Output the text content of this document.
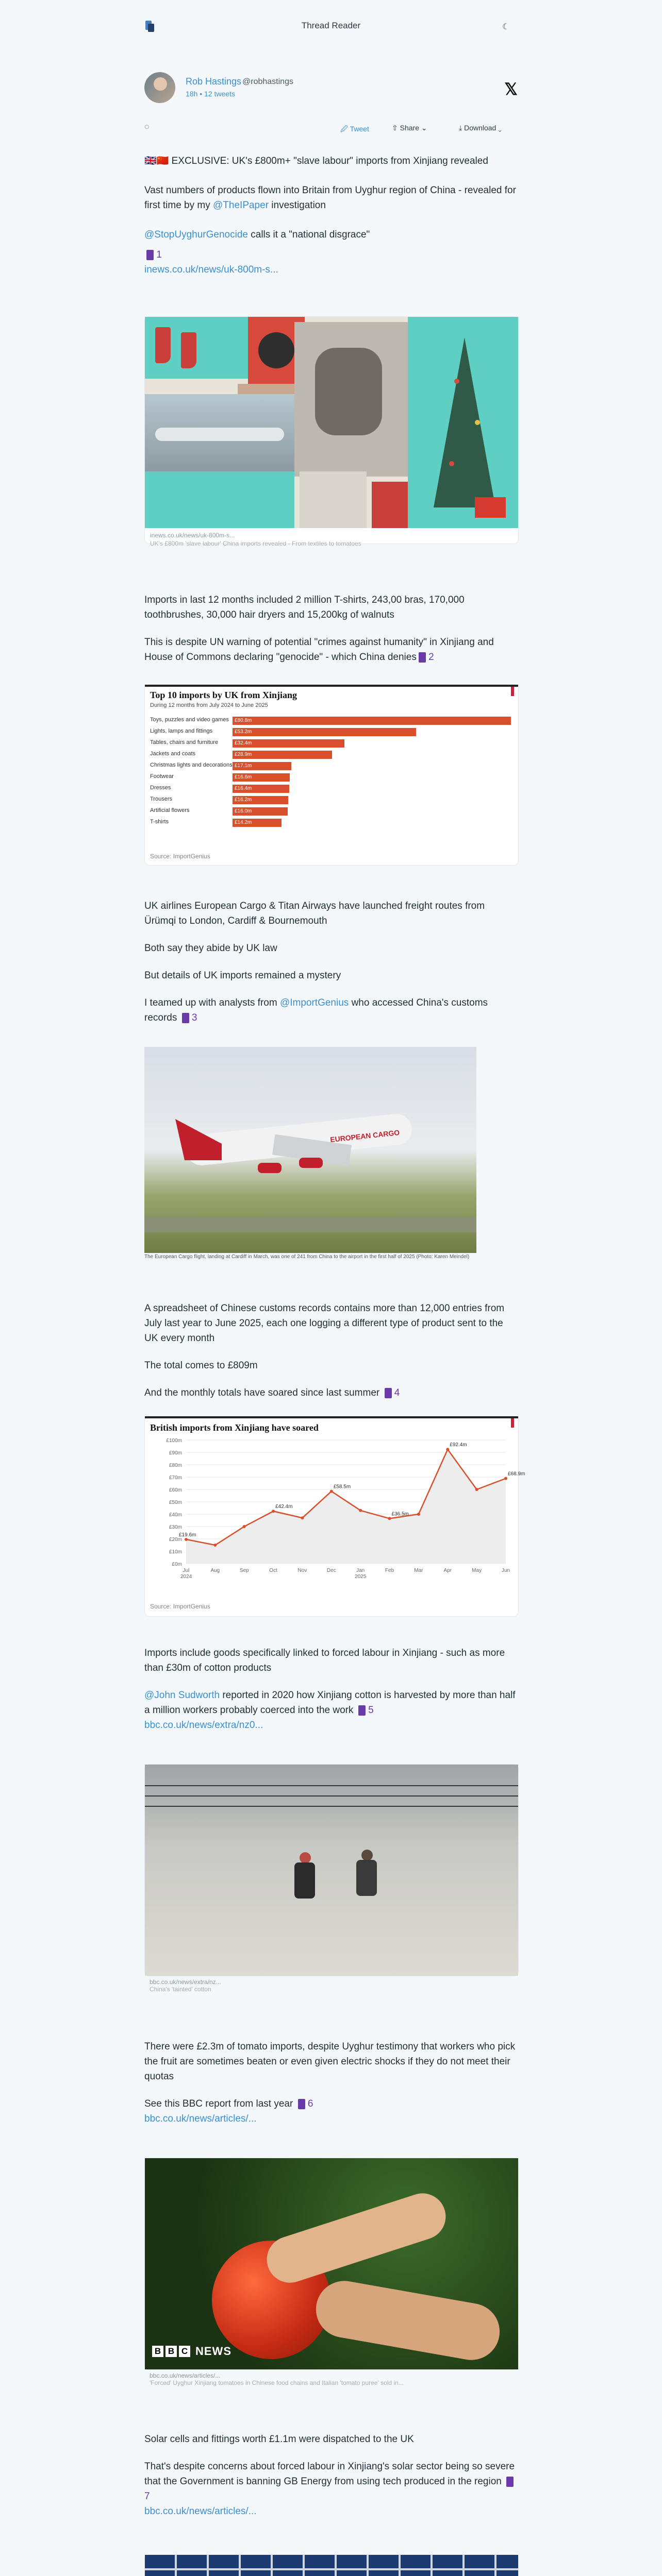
Thread Reader	☾
Rob Hastings @robhastings
18h • 12 tweets	𝕏
◌	🖉 Tweet	⇧ Share ⌄	⤓ Download ⌄
🇬🇧🇨🇳 EXCLUSIVE: UK's £800m+ "slave labour" imports from Xinjiang revealed
Vast numbers of products flown into Britain from Uyghur region of China - revealed for first time by my @TheIPaper investigation
@StopUyghurGenocide calls it a "national disgrace"
1
inews.co.uk/news/uk-800m-s...
inews.co.uk/news/uk-800m-s...
UK's £800m 'slave labour' China imports revealed - From textiles to tomatoes
Imports in last 12 months included 2 million T-shirts, 243,00 bras, 170,000 toothbrushes, 30,000 hair dryers and 15,200kg of walnuts
This is despite UN warning of potential "crimes against humanity" in Xinjiang and House of Commons declaring "genocide" - which China denies 2
Top 10 imports by UK from Xinjiang
During 12 months from July 2024 to June 2025
Toys, puzzles and video games	£80.8m
Lights, lamps and fittings	£53.2m
Tables, chairs and furniture	£32.4m
Jackets and coats	£28.9m
Christmas lights and decorations £17.1m
Footwear	£16.6m
Dresses	£16.4m
Trousers	£16.2m
Artificial flowers	£16.0m
T-shirts	£14.2m
Source: ImportGenius
UK airlines European Cargo & Titan Airways have launched freight routes from Ürümqi to London, Cardiff & Bournemouth
Both say they abide by UK law
But details of UK imports remained a mystery
I teamed up with analysts from @ImportGenius who accessed China's customs records 3
EUROPEAN CARGO
The European Cargo flight, landing at Cardiff in March, was one of 241 from China to the airport in the first half of 2025 (Photo: Karen Meindel)
A spreadsheet of Chinese customs records contains more than 12,000 entries from July last year to June 2025, each one logging a different type of product sent to the UK every month
The total comes to £809m
And the monthly totals have soared since last summer 4
British imports from Xinjiang have soared
£0m
£10m
£20m
£30m
£40m
£50m
£60m
£70m
£80m
£90m
£100m
£19.6m
£42.4m
£58.5m
£36.5m
£92.4m
£68.9m
Jul
2024
Aug	Sep	Oct	Nov	Dec	Jan
2025
Feb	Mar	Apr	May	Jun
Source: ImportGenius
Imports include goods specifically linked to forced labour in Xinjiang - such as more than £30m of cotton products
@John Sudworth reported in 2020 how Xinjiang cotton is harvested by more than half a million workers probably coerced into the work 5
bbc.co.uk/news/extra/nz0...
bbc.co.uk/news/extra/nz...
China's 'tainted' cotton
There were £2.3m of tomato imports, despite Uyghur testimony that workers who pick the fruit are sometimes beaten or even given electric shocks if they do not meet their quotas
See this BBC report from last year 6
bbc.co.uk/news/articles/...
B B C NEWS
bbc.co.uk/news/articles/...
'Forced' Uyghur Xinjiang tomatoes in Chinese food chains and Italian 'tomato puree' sold in...
Solar cells and fittings worth £1.1m were dispatched to the UK
That's despite concerns about forced labour in Xinjiang's solar sector being so severe that the Government is banning GB Energy from using tech produced in the region  7
bbc.co.uk/news/articles/...
